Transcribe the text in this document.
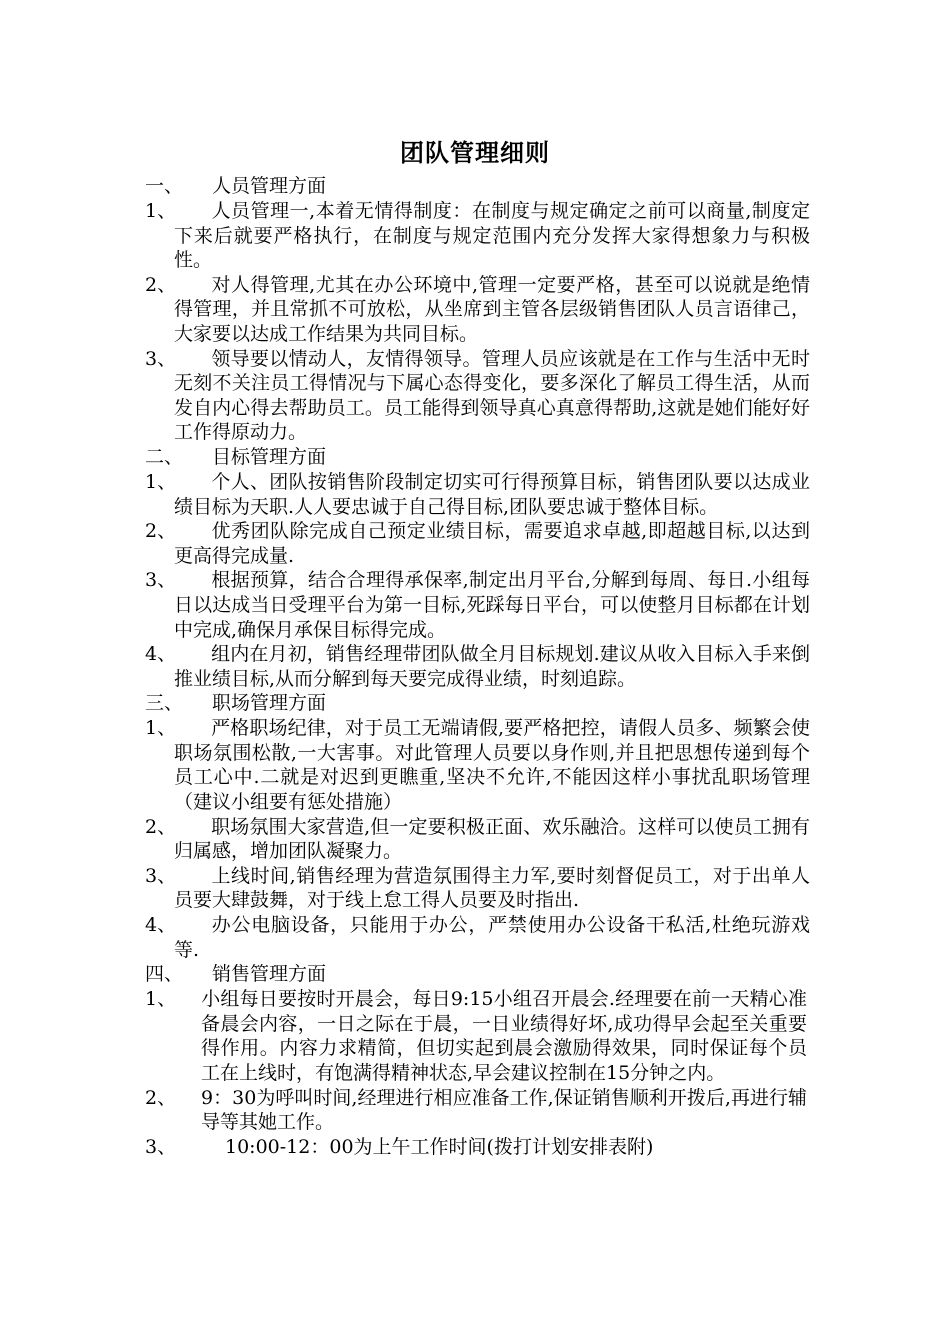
团队管理细则
一、	人员管理方面
1、	人员管理一,本着无情得制度：在制度与规定确定之前可以商量,制度定下来后就要严格执行，在制度与规定范围内充分发挥大家得想象力与积极性。
2、	对人得管理,尤其在办公环境中,管理一定要严格，甚至可以说就是绝情得管理，并且常抓不可放松，从坐席到主管各层级销售团队人员言语律己，大家要以达成工作结果为共同目标。
3、	领导要以情动人，友情得领导。管理人员应该就是在工作与生活中无时无刻不关注员工得情况与下属心态得变化，要多深化了解员工得生活，从而发自内心得去帮助员工。员工能得到领导真心真意得帮助,这就是她们能好好工作得原动力。
二、	目标管理方面
1、	个人、团队按销售阶段制定切实可行得预算目标，销售团队要以达成业绩目标为天职.人人要忠诚于自己得目标,团队要忠诚于整体目标。
2、	优秀团队除完成自己预定业绩目标，需要追求卓越,即超越目标,以达到更高得完成量.
3、	根据预算，结合合理得承保率,制定出月平台,分解到每周、每日.小组每日以达成当日受理平台为第一目标,死踩每日平台，可以使整月目标都在计划中完成,确保月承保目标得完成。
4、	组内在月初，销售经理带团队做全月目标规划.建议从收入目标入手来倒推业绩目标,从而分解到每天要完成得业绩，时刻追踪。
三、	职场管理方面
1、	严格职场纪律，对于员工无端请假,要严格把控，请假人员多、频繁会使职场氛围松散,一大害事。对此管理人员要以身作则,并且把思想传递到每个员工心中.二就是对迟到更瞧重,坚决不允许,不能因这样小事扰乱职场管理（建议小组要有惩处措施）
2、	职场氛围大家营造,但一定要积极正面、欢乐融洽。这样可以使员工拥有归属感，增加团队凝聚力。
3、	上线时间,销售经理为营造氛围得主力军,要时刻督促员工，对于出单人员要大肆鼓舞，对于线上怠工得人员要及时指出.
4、	办公电脑设备，只能用于办公，严禁使用办公设备干私活,杜绝玩游戏等.
四、	销售管理方面
1、	小组每日要按时开晨会，每日9:15小组召开晨会.经理要在前一天精心准备晨会内容，一日之际在于晨，一日业绩得好坏,成功得早会起至关重要得作用。内容力求精简，但切实起到晨会激励得效果，同时保证每个员工在上线时，有饱满得精神状态,早会建议控制在15分钟之内。
2、	9：30为呼叫时间,经理进行相应准备工作,保证销售顺利开拨后,再进行辅导等其她工作。
3、	10:00-12：00为上午工作时间(拨打计划安排表附)
